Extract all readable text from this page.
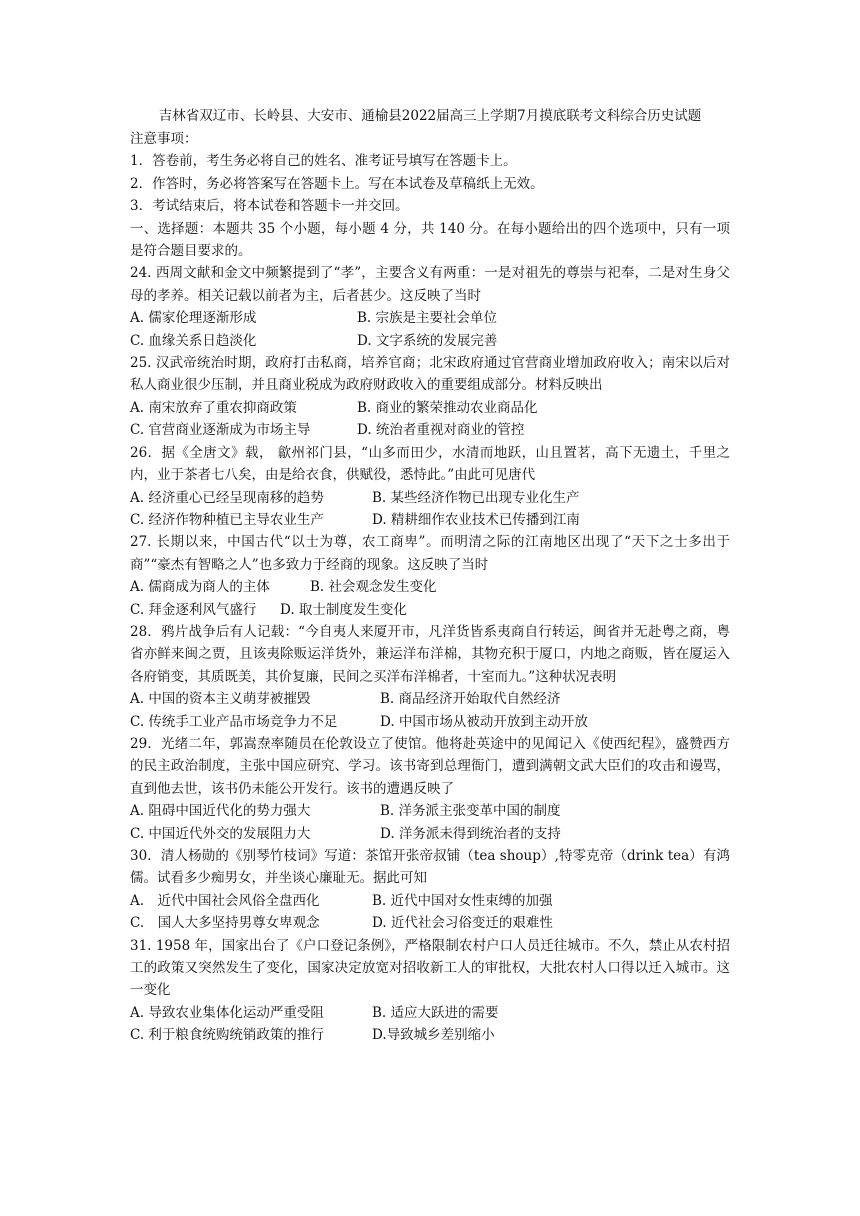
吉林省双辽市、长岭县、大安市、通榆县2022届高三上学期7月摸底联考文科综合历史试题
注意事项：
1．答卷前，考生务必将自己的姓名、准考证号填写在答题卡上。
2．作答时，务必将答案写在答题卡上。写在本试卷及草稿纸上无效。
3．考试结束后，将本试卷和答题卡一并交回。
一、选择题：本题共 35 个小题，每小题 4 分，共 140 分。在每小题给出的四个选项中，只有一项是符合题目要求的。
24. 西周文献和金文中频繁提到了“孝”，主要含义有两重：一是对祖先的尊崇与祀奉，二是对生身父母的孝养。相关记载以前者为主，后者甚少。这反映了当时
A. 儒家伦理逐渐形成	B. 宗族是主要社会单位
C. 血缘关系日趋淡化	D. 文字系统的发展完善
25. 汉武帝统治时期，政府打击私商，培养官商；北宋政府通过官营商业增加政府收入；南宋以后对私人商业很少压制，并且商业税成为政府财政收入的重要组成部分。材料反映出
A. 南宋放弃了重农抑商政策	B. 商业的繁荣推动农业商品化
C. 官营商业逐渐成为市场主导	D. 统治者重视对商业的管控
26．据《全唐文》载， 歙州祁门县，“山多而田少，水清而地跃，山且置茗，高下无遗土，千里之内，业于茶者七八矣，由是给衣食，供赋役，悉恃此。”由此可见唐代
A. 经济重心已经呈现南移的趋势	B. 某些经济作物已出现专业化生产
C. 经济作物种植已主导农业生产	D. 精耕细作农业技术已传播到江南
27. 长期以来，中国古代“以士为尊，农工商卑”。而明清之际的江南地区出现了“天下之士多出于商”“豪杰有智略之人”也多致力于经商的现象。这反映了当时
A. 儒商成为商人的主体	B. 社会观念发生变化
C. 拜金逐利风气盛行	D. 取士制度发生变化
28．鸦片战争后有人记载：“今自夷人来厦开市，凡洋货皆系夷商自行转运，闽省并无赴粤之商，粤省亦鲜来闽之贾，且该夷除贩运洋货外，兼运洋布洋棉，其物充积于厦口，内地之商贩，皆在厦运入各府销变，其质既美，其价复廉，民间之买洋布洋棉者，十室而九。”这种状况表明
A. 中国的资本主义萌芽被摧毁	B. 商品经济开始取代自然经济
C. 传统手工业产品市场竞争力不足	D. 中国市场从被动开放到主动开放
29．光绪二年，郭嵩焘率随员在伦敦设立了使馆。他将赴英途中的见闻记入《使西纪程》，盛赞西方的民主政治制度，主张中国应研究、学习。该书寄到总理衙门，遭到满朝文武大臣们的攻击和谩骂，直到他去世，该书仍未能公开发行。该书的遭遇反映了
A. 阻碍中国近代化的势力强大	B. 洋务派主张变革中国的制度
C. 中国近代外交的发展阻力大	D. 洋务派未得到统治者的支持
30．清人杨勋的《别琴竹枝词》写道：茶馆开张帝叔铺（tea shoup）,特零克帝（drink tea）有鸿儒。试看多少痴男女，并坐谈心廉耻无。据此可知
A.　近代中国社会风俗全盘西化	B. 近代中国对女性束缚的加强
C.　国人大多坚持男尊女卑观念	D. 近代社会习俗变迁的艰难性
31. 1958 年，国家出台了《户口登记条例》，严格限制农村户口人员迁往城市。不久，禁止从农村招工的政策又突然发生了变化，国家决定放宽对招收新工人的审批权，大批农村人口得以迁入城市。这一变化
A. 导致农业集体化运动严重受阻	B. 适应大跃进的需要
C. 利于粮食统购统销政策的推行	D.导致城乡差别缩小
